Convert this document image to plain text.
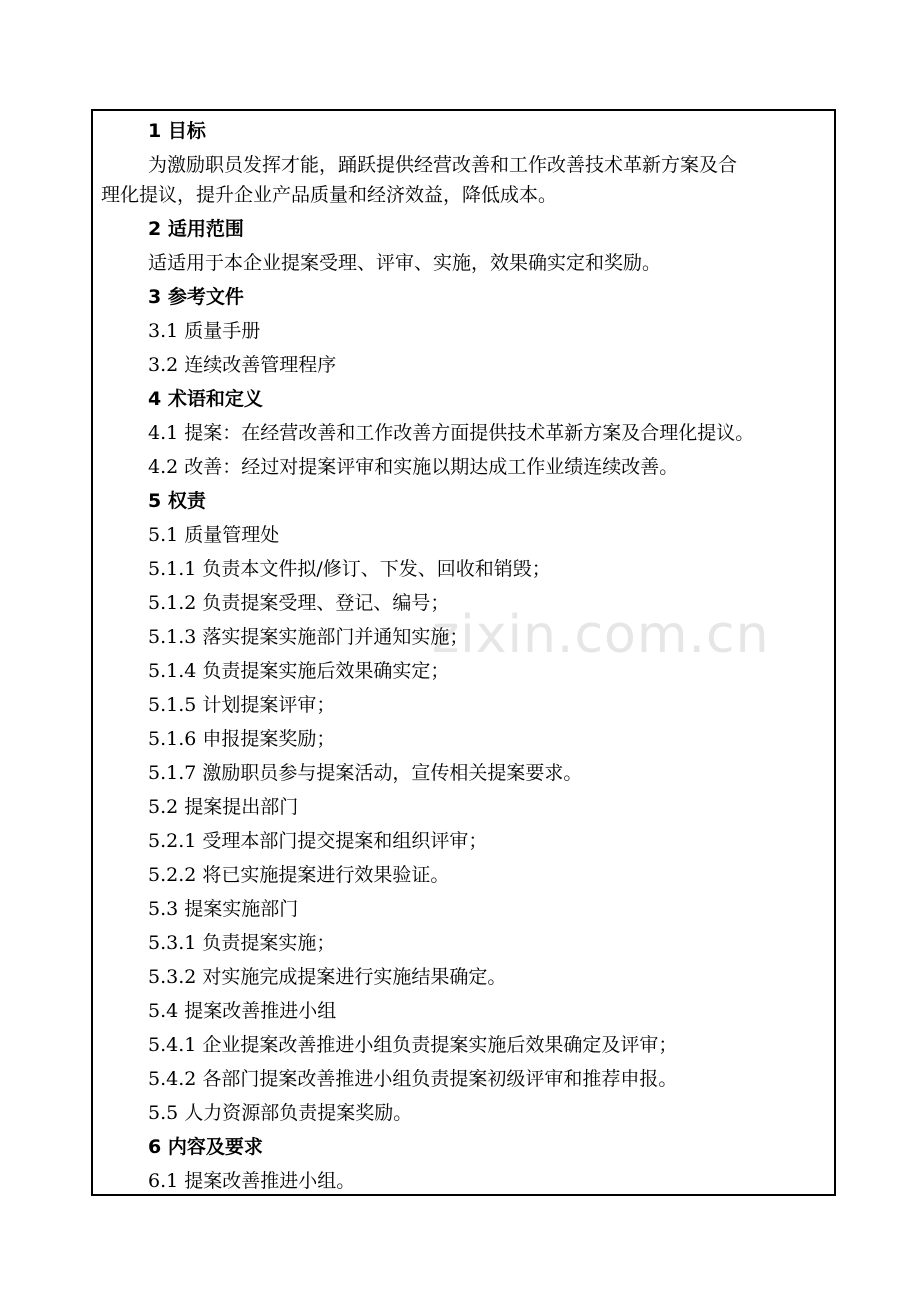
zixin.com.cn
1 目标
为激励职员发挥才能，踊跃提供经营改善和工作改善技术革新方案及合
理化提议，提升企业产品质量和经济效益，降低成本。
2 适用范围
适适用于本企业提案受理、评审、实施，效果确实定和奖励。
3 参考文件
3.1 质量手册
3.2 连续改善管理程序
4 术语和定义
4.1 提案：在经营改善和工作改善方面提供技术革新方案及合理化提议。
4.2 改善：经过对提案评审和实施以期达成工作业绩连续改善。
5 权责
5.1 质量管理处
5.1.1 负责本文件拟/修订、下发、回收和销毁；
5.1.2 负责提案受理、登记、编号；
5.1.3 落实提案实施部门并通知实施；
5.1.4 负责提案实施后效果确实定；
5.1.5 计划提案评审；
5.1.6 申报提案奖励；
5.1.7 激励职员参与提案活动，宣传相关提案要求。
5.2 提案提出部门
5.2.1 受理本部门提交提案和组织评审；
5.2.2 将已实施提案进行效果验证。
5.3 提案实施部门
5.3.1 负责提案实施；
5.3.2 对实施完成提案进行实施结果确定。
5.4 提案改善推进小组
5.4.1 企业提案改善推进小组负责提案实施后效果确定及评审；
5.4.2 各部门提案改善推进小组负责提案初级评审和推荐申报。
5.5 人力资源部负责提案奖励。
6 内容及要求
6.1 提案改善推进小组。
